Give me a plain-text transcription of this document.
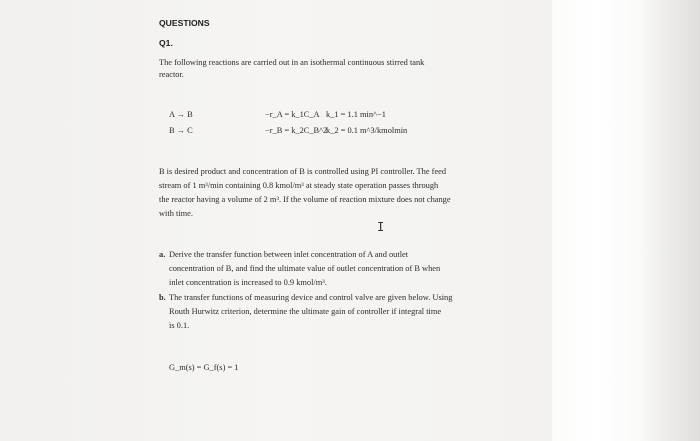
QUESTIONS
Q1.
The following reactions are carried out in an isothermal continuous stirred tank
reactor.
A → B	−r_A = k_1C_A k_1 = 1.1 min^−1
B → C	−r_B = k_2C_B^2
k_2 = 0.1 m^3/kmolmin
B is desired product and concentration of B is controlled using PI controller. The feed
stream of 1 m³/min containing 0.8 kmol/m³ at steady state operation passes through
the reactor having a volume of 2 m³. If the volume of reaction mixture does not change
with time.
I
a. Derive the transfer function between inlet concentration of A and outlet
concentration of B, and find the ultimate value of outlet concentration of B when
inlet concentration is increased to 0.9 kmol/m³.
b. The transfer functions of measuring device and control valve are given below. Using
Routh Hurwitz criterion, determine the ultimate gain of controller if integral time
is 0.1.
G_m(s) = G_f(s) = 1
